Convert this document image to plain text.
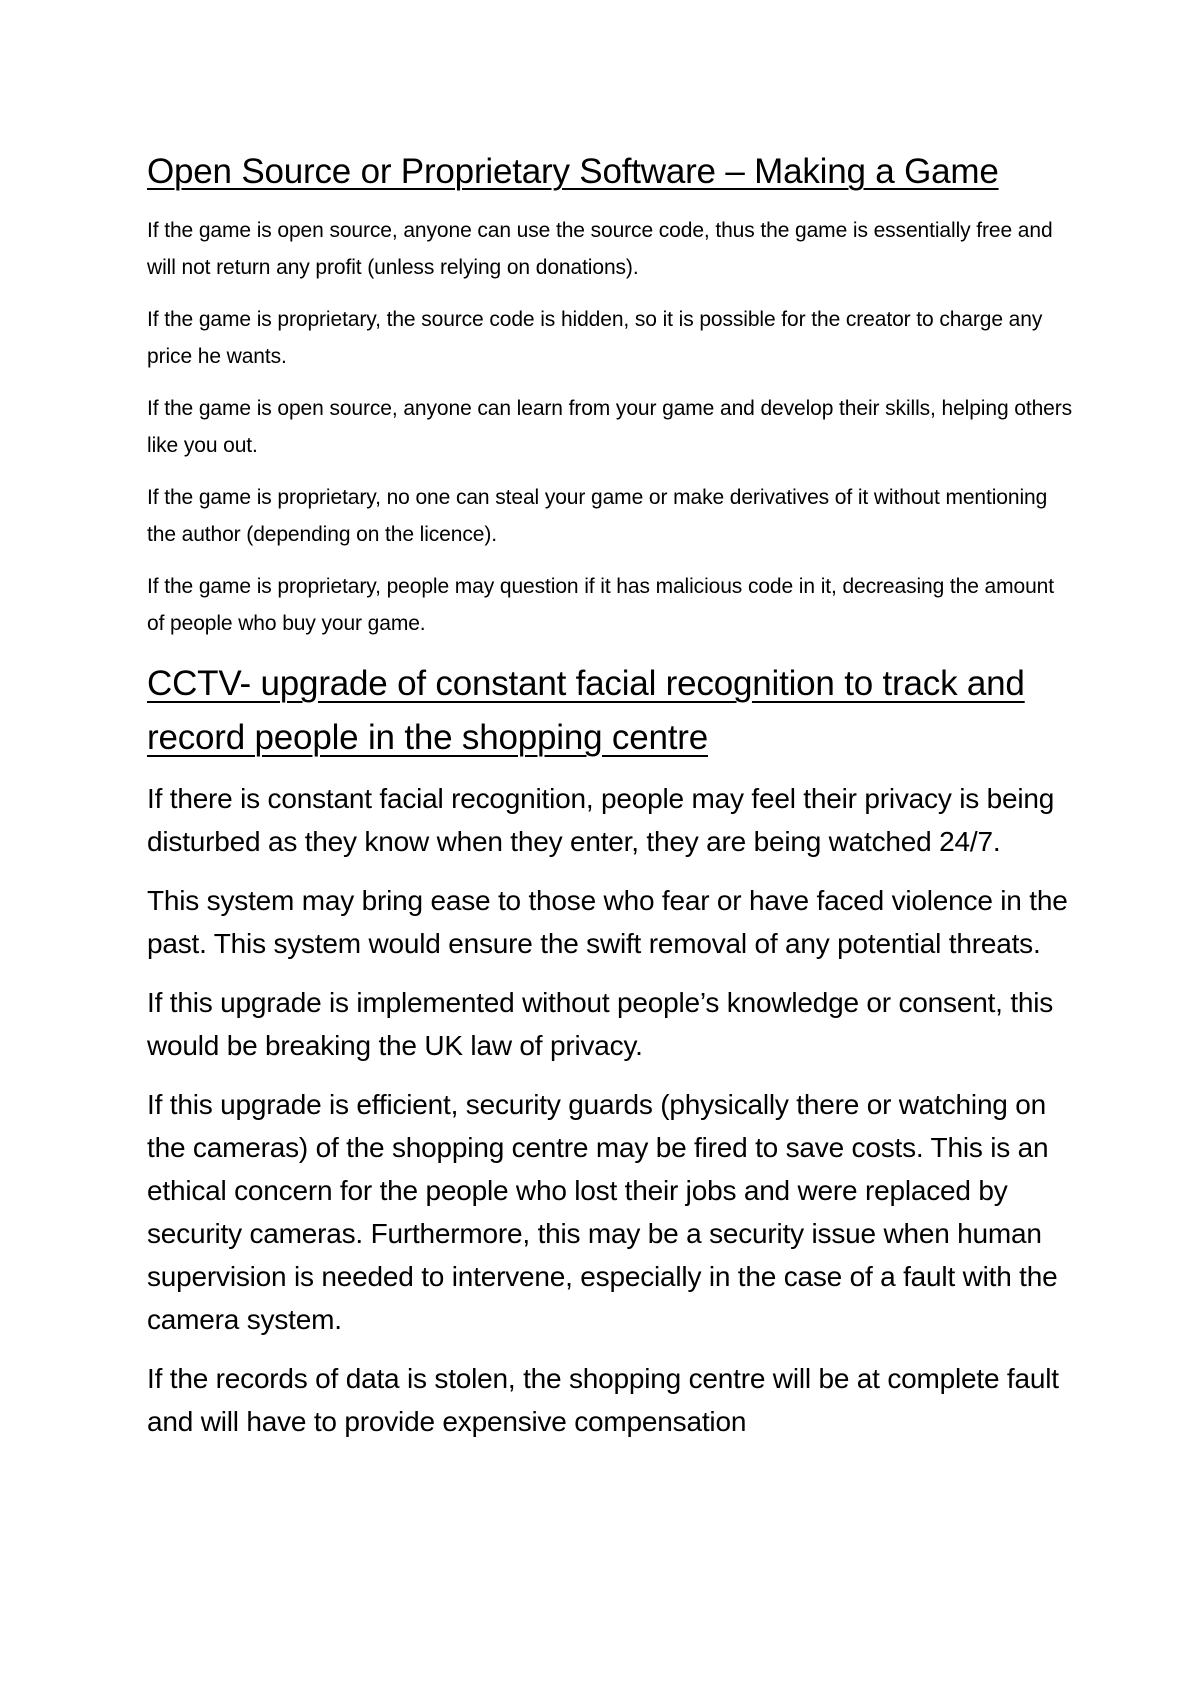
Open Source or Proprietary Software – Making a Game

If the game is open source, anyone can use the source code, thus the game is essentially free and will not return any profit (unless relying on donations).

If the game is proprietary, the source code is hidden, so it is possible for the creator to charge any price he wants.

If the game is open source, anyone can learn from your game and develop their skills, helping others like you out.

If the game is proprietary, no one can steal your game or make derivatives of it without mentioning the author (depending on the licence).

If the game is proprietary, people may question if it has malicious code in it, decreasing the amount of people who buy your game.

CCTV- upgrade of constant facial recognition to track and record people in the shopping centre

If there is constant facial recognition, people may feel their privacy is being disturbed as they know when they enter, they are being watched 24/7.

This system may bring ease to those who fear or have faced violence in the past. This system would ensure the swift removal of any potential threats.

If this upgrade is implemented without people’s knowledge or consent, this would be breaking the UK law of privacy.

If this upgrade is efficient, security guards (physically there or watching on the cameras) of the shopping centre may be fired to save costs. This is an ethical concern for the people who lost their jobs and were replaced by security cameras. Furthermore, this may be a security issue when human supervision is needed to intervene, especially in the case of a fault with the camera system.

If the records of data is stolen, the shopping centre will be at complete fault and will have to provide expensive compensation
